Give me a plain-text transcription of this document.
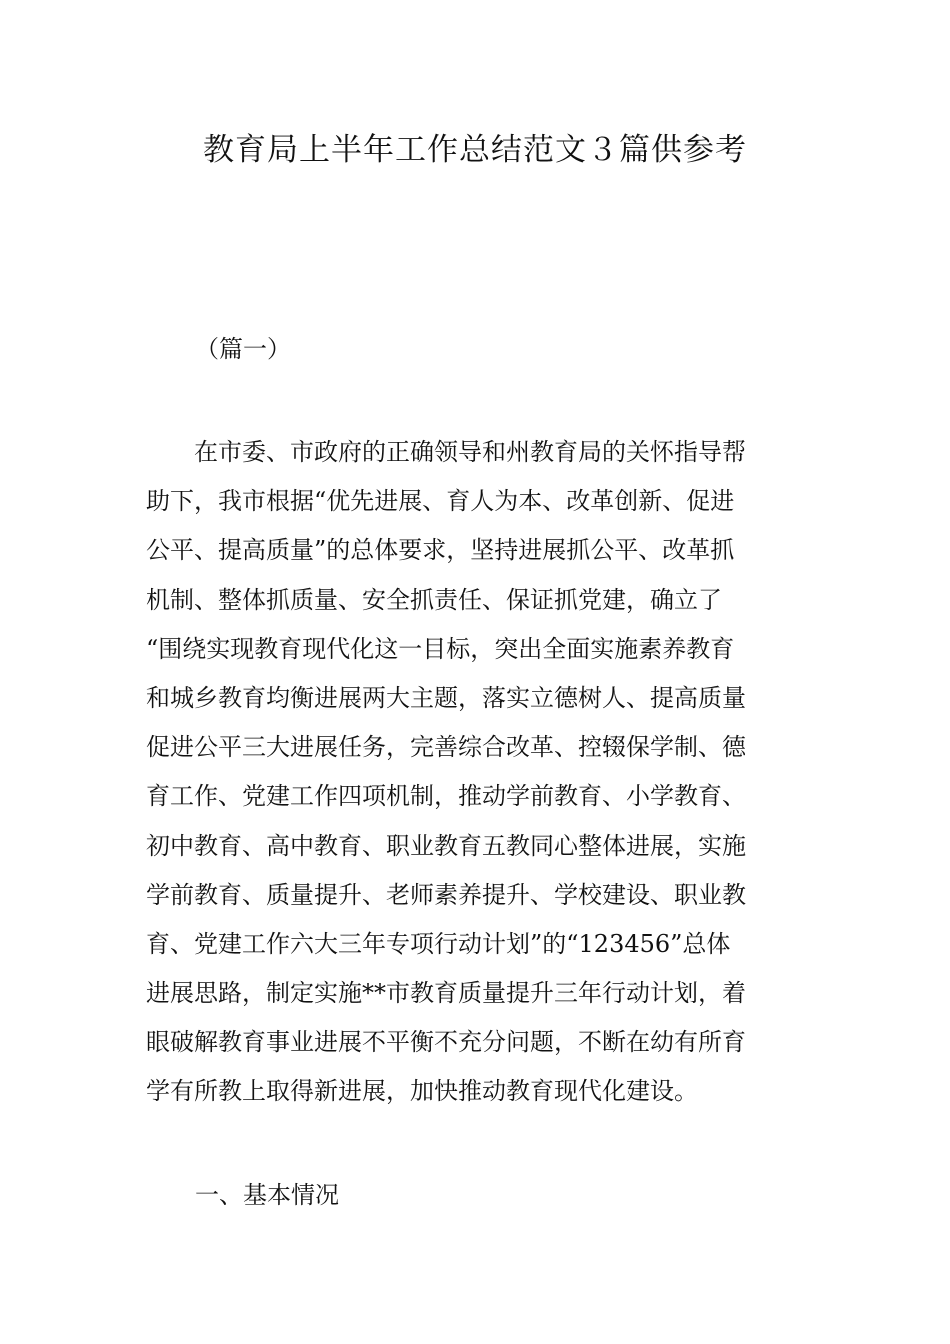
教育局上半年工作总结范文３篇供参考
（篇一）
　　在市委、市政府的正确领导和州教育局的关怀指导帮
助下，我市根据“优先进展、育人为本、改革创新、促进
公平、提高质量”的总体要求，坚持进展抓公平、改革抓
机制、整体抓质量、安全抓责任、保证抓党建，确立了
“围绕实现教育现代化这一目标，突出全面实施素养教育
和城乡教育均衡进展两大主题，落实立德树人、提高质量
促进公平三大进展任务，完善综合改革、控辍保学制、德
育工作、党建工作四项机制，推动学前教育、小学教育、
初中教育、高中教育、职业教育五教同心整体进展，实施
学前教育、质量提升、老师素养提升、学校建设、职业教
育、党建工作六大三年专项行动计划”的“123456”总体
进展思路，制定实施**市教育质量提升三年行动计划，着
眼破解教育事业进展不平衡不充分问题，不断在幼有所育
学有所教上取得新进展，加快推动教育现代化建设。
一、基本情况
